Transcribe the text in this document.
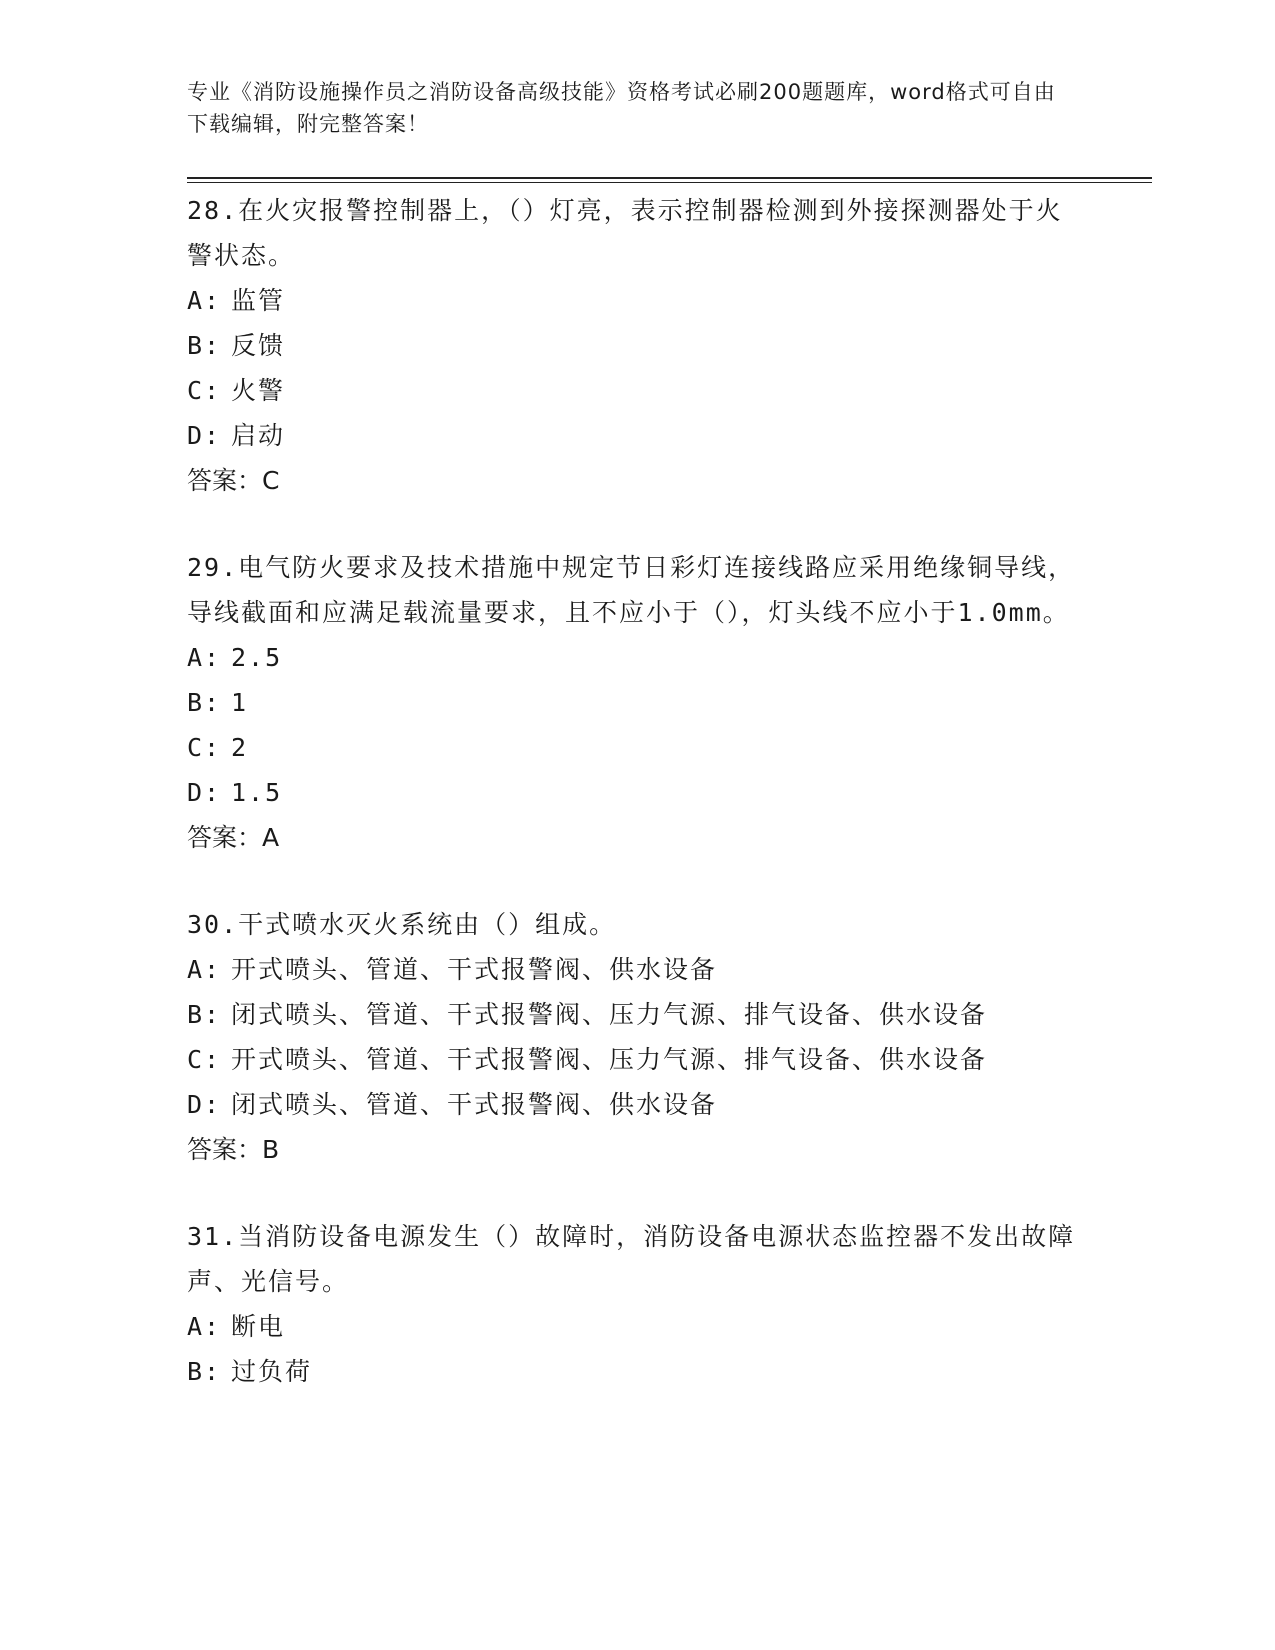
专业《消防设施操作员之消防设备高级技能》资格考试必刷200题题库，word格式可自由下载编辑，附完整答案！

28.在火灾报警控制器上，（）灯亮，表示控制器检测到外接探测器处于火警状态。

A: 监管

B: 反馈

C: 火警

D: 启动

答案：C

29.电气防火要求及技术措施中规定节日彩灯连接线路应采用绝缘铜导线，导线截面和应满足载流量要求，且不应小于（），灯头线不应小于1.0mm。

A: 2.5

B: 1

C: 2

D: 1.5

答案：A

30.干式喷水灭火系统由（）组成。

A: 开式喷头、管道、干式报警阀、供水设备

B: 闭式喷头、管道、干式报警阀、压力气源、排气设备、供水设备

C: 开式喷头、管道、干式报警阀、压力气源、排气设备、供水设备

D: 闭式喷头、管道、干式报警阀、供水设备

答案：B

31.当消防设备电源发生（）故障时，消防设备电源状态监控器不发出故障声、光信号。

A: 断电

B: 过负荷
